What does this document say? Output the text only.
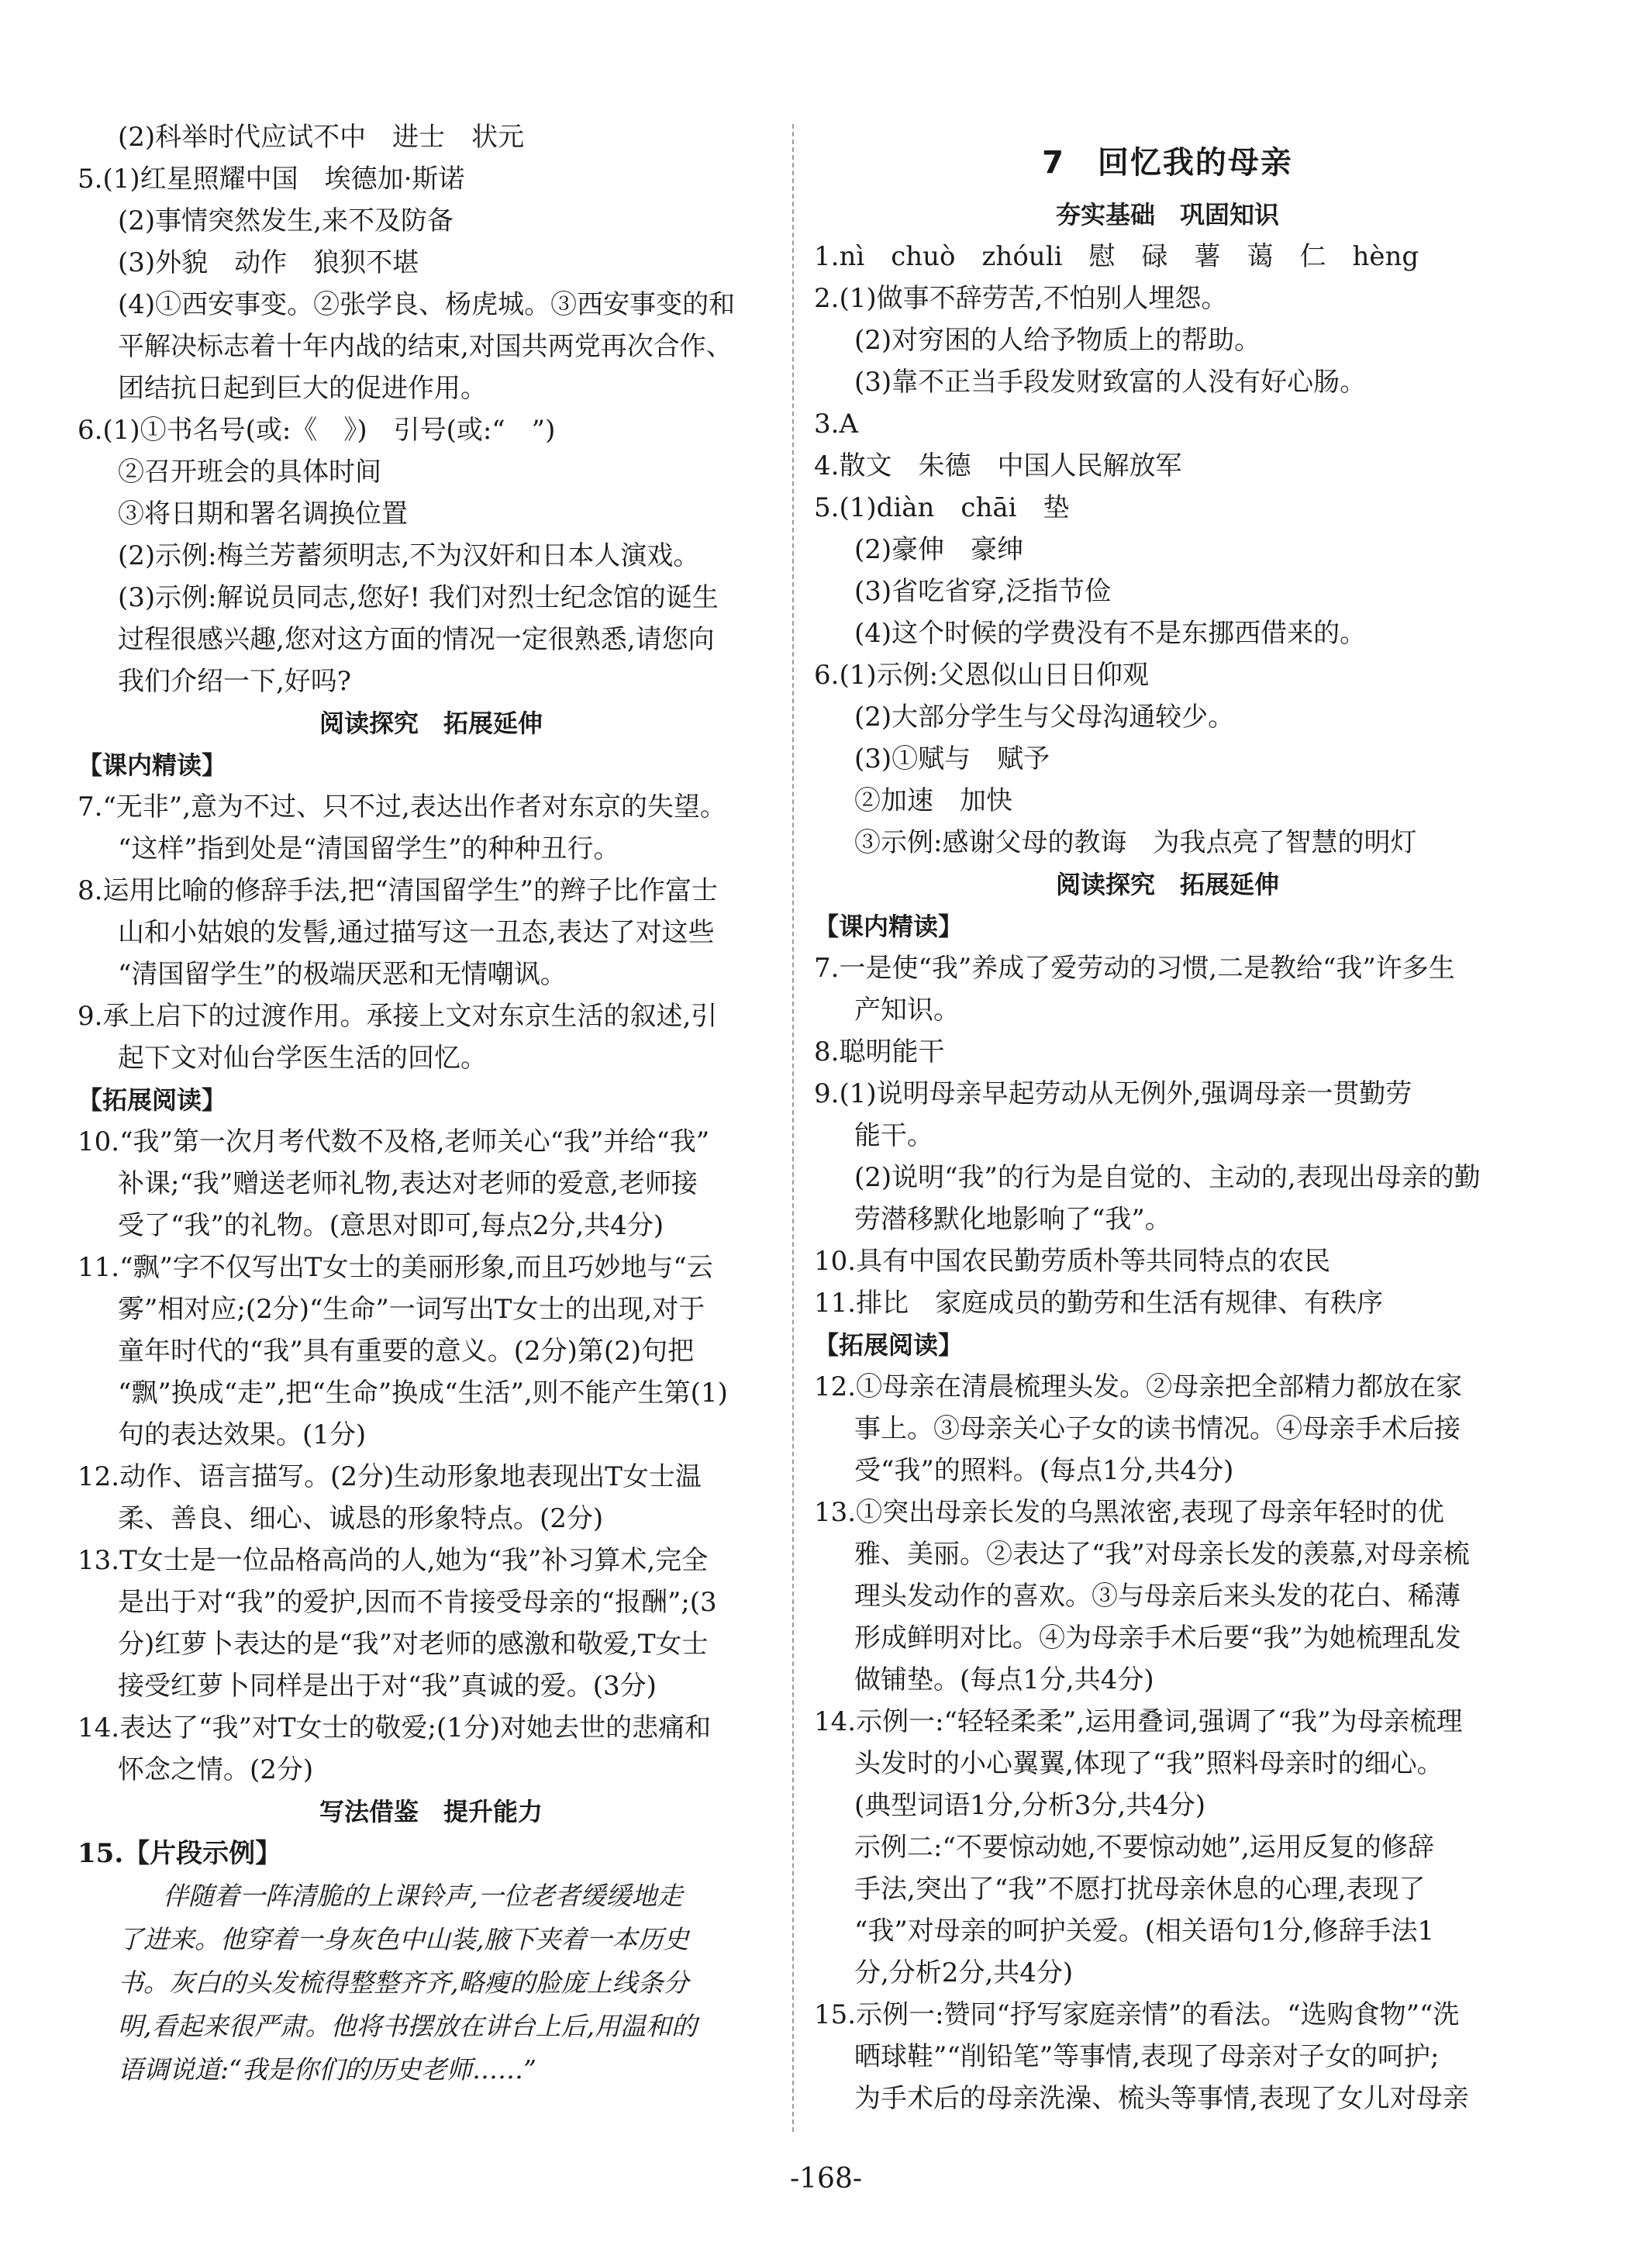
(2)科举时代应试不中　进士　状元
5.(1)红星照耀中国　埃德加·斯诺
(2)事情突然发生,来不及防备
(3)外貌　动作　狼狈不堪
(4)①西安事变。②张学良、杨虎城。③西安事变的和
平解决标志着十年内战的结束,对国共两党再次合作、
团结抗日起到巨大的促进作用。
6.(1)①书名号(或:《　》)　引号(或:“　”)
②召开班会的具体时间
③将日期和署名调换位置
(2)示例:梅兰芳蓄须明志,不为汉奸和日本人演戏。
(3)示例:解说员同志,您好! 我们对烈士纪念馆的诞生
过程很感兴趣,您对这方面的情况一定很熟悉,请您向
我们介绍一下,好吗?
阅读探究　拓展延伸
【课内精读】
7.“无非”,意为不过、只不过,表达出作者对东京的失望。
“这样”指到处是“清国留学生”的种种丑行。
8.运用比喻的修辞手法,把“清国留学生”的辫子比作富士
山和小姑娘的发髻,通过描写这一丑态,表达了对这些
“清国留学生”的极端厌恶和无情嘲讽。
9.承上启下的过渡作用。承接上文对东京生活的叙述,引
起下文对仙台学医生活的回忆。
【拓展阅读】
10.“我”第一次月考代数不及格,老师关心“我”并给“我”
补课;“我”赠送老师礼物,表达对老师的爱意,老师接
受了“我”的礼物。(意思对即可,每点2分,共4分)
11.“飘”字不仅写出T女士的美丽形象,而且巧妙地与“云
雾”相对应;(2分)“生命”一词写出T女士的出现,对于
童年时代的“我”具有重要的意义。(2分)第(2)句把
“飘”换成“走”,把“生命”换成“生活”,则不能产生第(1)
句的表达效果。(1分)
12.动作、语言描写。(2分)生动形象地表现出T女士温
柔、善良、细心、诚恳的形象特点。(2分)
13.T女士是一位品格高尚的人,她为“我”补习算术,完全
是出于对“我”的爱护,因而不肯接受母亲的“报酬”;(3
分)红萝卜表达的是“我”对老师的感激和敬爱,T女士
接受红萝卜同样是出于对“我”真诚的爱。(3分)
14.表达了“我”对T女士的敬爱;(1分)对她去世的悲痛和
怀念之情。(2分)
写法借鉴　提升能力
15.【片段示例】
伴随着一阵清脆的上课铃声,一位老者缓缓地走
了进来。他穿着一身灰色中山装,腋下夹着一本历史
书。灰白的头发梳得整整齐齐,略瘦的脸庞上线条分
明,看起来很严肃。他将书摆放在讲台上后,用温和的
语调说道:“我是你们的历史老师……”
7　回忆我的母亲
夯实基础　巩固知识
1.nì　chuò　zhóuli　慰　碌　薯　蔼　仁　hèng
2.(1)做事不辞劳苦,不怕别人埋怨。
(2)对穷困的人给予物质上的帮助。
(3)靠不正当手段发财致富的人没有好心肠。
3.A
4.散文　朱德　中国人民解放军
5.(1)diàn　chāi　垫
(2)豪伸　豪绅
(3)省吃省穿,泛指节俭
(4)这个时候的学费没有不是东挪西借来的。
6.(1)示例:父恩似山日日仰观
(2)大部分学生与父母沟通较少。
(3)①赋与　赋予
②加速　加快
③示例:感谢父母的教诲　为我点亮了智慧的明灯
阅读探究　拓展延伸
【课内精读】
7.一是使“我”养成了爱劳动的习惯,二是教给“我”许多生
产知识。
8.聪明能干
9.(1)说明母亲早起劳动从无例外,强调母亲一贯勤劳
能干。
(2)说明“我”的行为是自觉的、主动的,表现出母亲的勤
劳潜移默化地影响了“我”。
10.具有中国农民勤劳质朴等共同特点的农民
11.排比　家庭成员的勤劳和生活有规律、有秩序
【拓展阅读】
12.①母亲在清晨梳理头发。②母亲把全部精力都放在家
事上。③母亲关心子女的读书情况。④母亲手术后接
受“我”的照料。(每点1分,共4分)
13.①突出母亲长发的乌黑浓密,表现了母亲年轻时的优
雅、美丽。②表达了“我”对母亲长发的羡慕,对母亲梳
理头发动作的喜欢。③与母亲后来头发的花白、稀薄
形成鲜明对比。④为母亲手术后要“我”为她梳理乱发
做铺垫。(每点1分,共4分)
14.示例一:“轻轻柔柔”,运用叠词,强调了“我”为母亲梳理
头发时的小心翼翼,体现了“我”照料母亲时的细心。
(典型词语1分,分析3分,共4分)
示例二:“不要惊动她,不要惊动她”,运用反复的修辞
手法,突出了“我”不愿打扰母亲休息的心理,表现了
“我”对母亲的呵护关爱。(相关语句1分,修辞手法1
分,分析2分,共4分)
15.示例一:赞同“抒写家庭亲情”的看法。“选购食物”“洗
晒球鞋”“削铅笔”等事情,表现了母亲对子女的呵护;
为手术后的母亲洗澡、梳头等事情,表现了女儿对母亲
-168-
